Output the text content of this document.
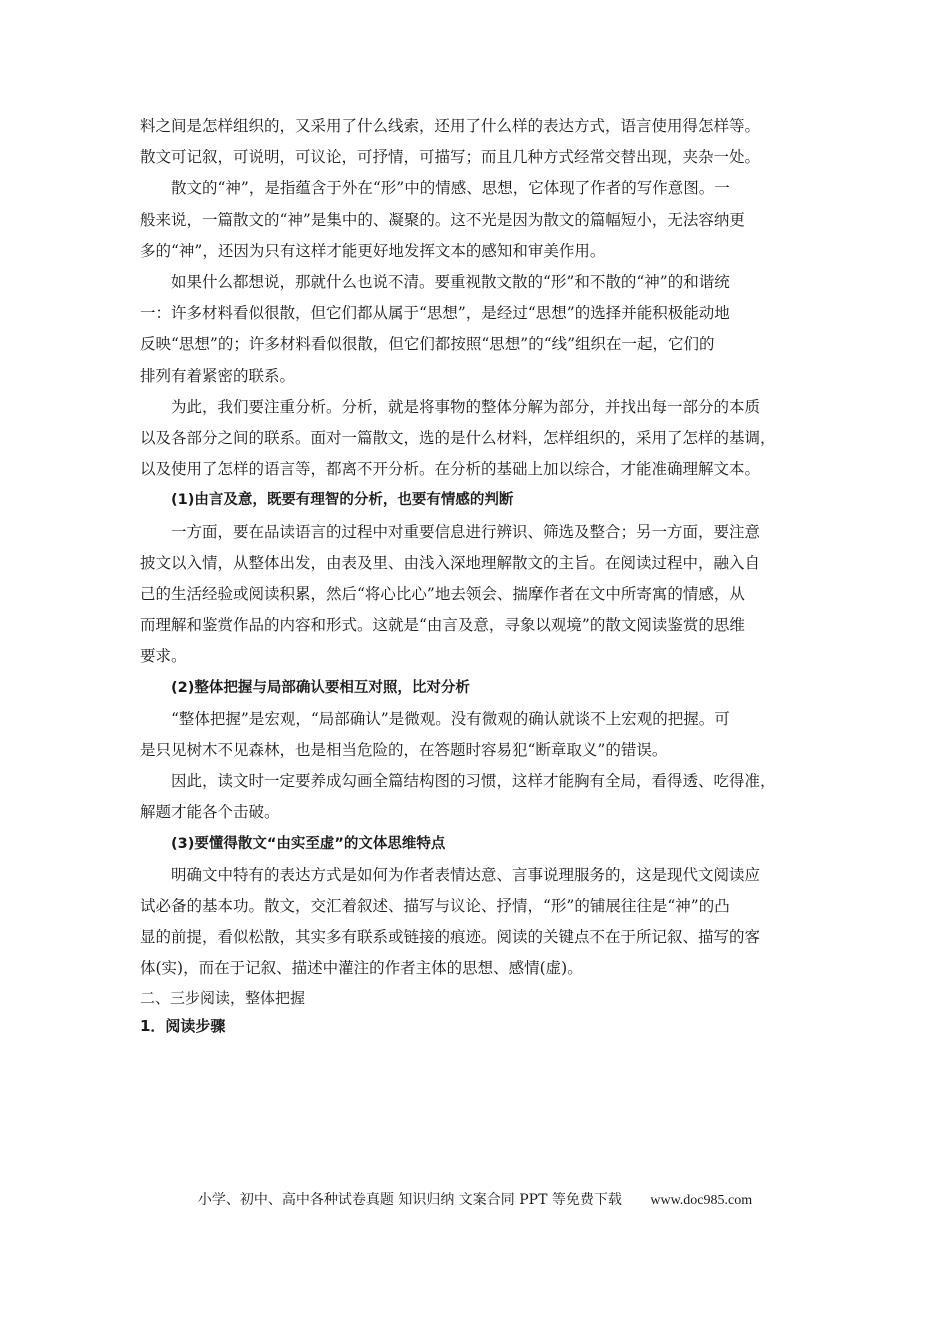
料之间是怎样组织的，又采用了什么线索，还用了什么样的表达方式，语言使用得怎样等。

散文可记叙，可说明，可议论，可抒情，可描写；而且几种方式经常交替出现，夹杂一处。

散文的“神”，是指蕴含于外在“形”中的情感、思想，它体现了作者的写作意图。一

般来说，一篇散文的“神”是集中的、凝聚的。这不光是因为散文的篇幅短小，无法容纳更

多的“神”，还因为只有这样才能更好地发挥文本的感知和审美作用。

如果什么都想说，那就什么也说不清。要重视散文散的“形”和不散的“神”的和谐统

一：许多材料看似很散，但它们都从属于“思想”，是经过“思想”的选择并能积极能动地

反映“思想”的；许多材料看似很散，但它们都按照“思想”的“线”组织在一起，它们的

排列有着紧密的联系。

为此，我们要注重分析。分析，就是将事物的整体分解为部分，并找出每一部分的本质

以及各部分之间的联系。面对一篇散文，选的是什么材料，怎样组织的，采用了怎样的基调，

以及使用了怎样的语言等，都离不开分析。在分析的基础上加以综合，才能准确理解文本。

(1)由言及意，既要有理智的分析，也要有情感的判断

一方面，要在品读语言的过程中对重要信息进行辨识、筛选及整合；另一方面，要注意

披文以入情，从整体出发，由表及里、由浅入深地理解散文的主旨。在阅读过程中，融入自

己的生活经验或阅读积累，然后“将心比心”地去领会、揣摩作者在文中所寄寓的情感，从

而理解和鉴赏作品的内容和形式。这就是“由言及意，寻象以观境”的散文阅读鉴赏的思维

要求。

(2)整体把握与局部确认要相互对照，比对分析

“整体把握”是宏观，“局部确认”是微观。没有微观的确认就谈不上宏观的把握。可

是只见树木不见森林，也是相当危险的，在答题时容易犯“断章取义”的错误。

因此，读文时一定要养成勾画全篇结构图的习惯，这样才能胸有全局，看得透、吃得准，

解题才能各个击破。

(3)要懂得散文“由实至虚”的文体思维特点

明确文中特有的表达方式是如何为作者表情达意、言事说理服务的，这是现代文阅读应

试必备的基本功。散文，交汇着叙述、描写与议论、抒情，“形”的铺展往往是“神”的凸

显的前提，看似松散，其实多有联系或链接的痕迹。阅读的关键点不在于所记叙、描写的客

体(实)，而在于记叙、描述中灌注的作者主体的思想、感情(虚)。

二、三步阅读，整体把握

1．阅读步骤

小学、初中、高中各种试卷真题 知识归纳 文案合同 PPT 等免费下载 www.doc985.com
